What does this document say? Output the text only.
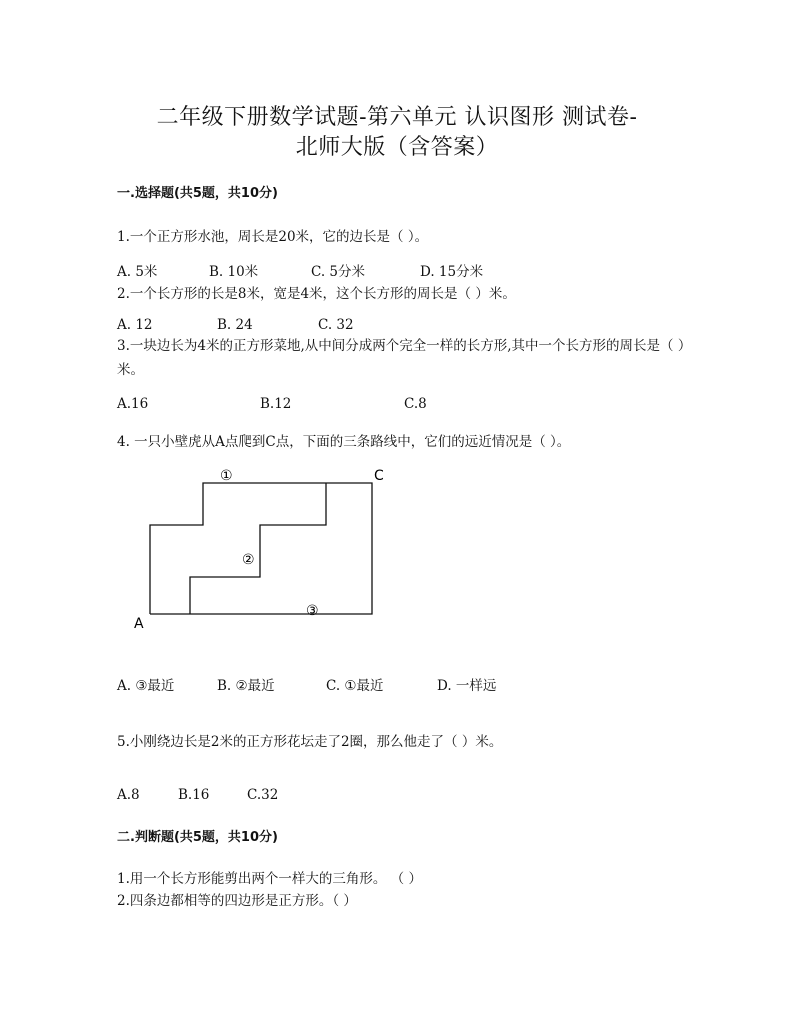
二年级下册数学试题-第六单元 认识图形 测试卷-
北师大版（含答案）
一.选择题(共5题，共10分)
1.一个正方形水池，周长是20米，它的边长是（ ）。
A. 5米	B. 10米	C. 5分米	D. 15分米
2.一个长方形的长是8米，宽是4米，这个长方形的周长是（ ）米。
A. 12	B. 24	C. 32
3.一块边长为4米的正方形菜地,从中间分成两个完全一样的长方形,其中一个长方形的周长是（ ）米。
A.16	B.12	C.8
4. 一只小壁虎从A点爬到C点，下面的三条路线中，它们的远近情况是（ ）。
A
C
①
②
③
A. ③最近	B. ②最近	C. ①最近	D. 一样远
5.小刚绕边长是2米的正方形花坛走了2圈，那么他走了（ ）米。
A.8	B.16	C.32
二.判断题(共5题，共10分)
1.用一个长方形能剪出两个一样大的三角形。 （ ）
2.四条边都相等的四边形是正方形。（ ）
